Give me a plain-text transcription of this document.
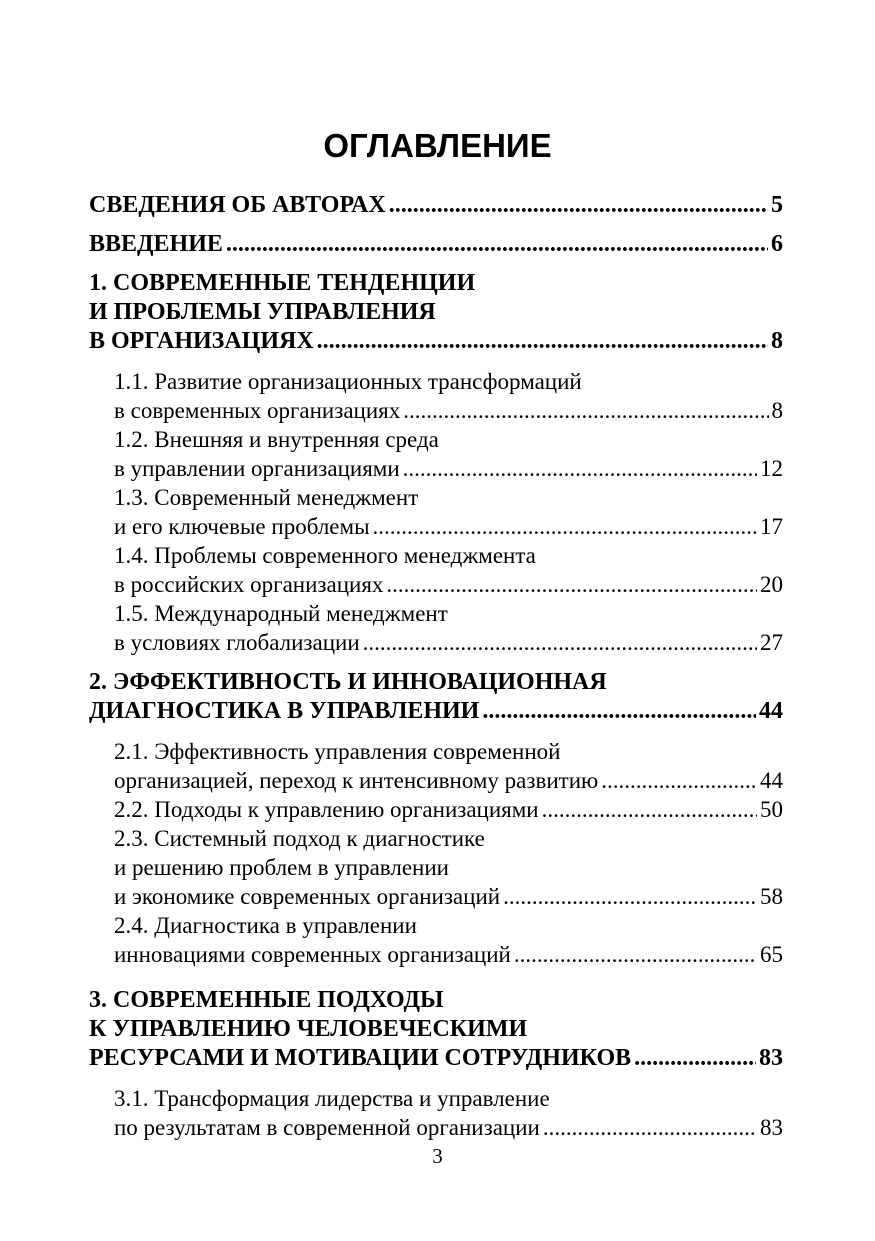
ОГЛАВЛЕНИЕ
СВЕДЕНИЯ ОБ АВТОРАХ .....	5
ВВЕДЕНИЕ .....	6
1. СОВРЕМЕННЫЕ ТЕНДЕНЦИИ
И ПРОБЛЕМЫ УПРАВЛЕНИЯ
В ОРГАНИЗАЦИЯХ .....	8
1.1. Развитие организационных трансформаций
в современных организациях .....	8
1.2. Внешняя и внутренняя среда
в управлении организациями .....	12
1.3. Современный менеджмент
и его ключевые проблемы .....	17
1.4. Проблемы современного менеджмента
в российских организациях .....	20
1.5. Международный менеджмент
в условиях глобализации .....	27
2. ЭФФЕКТИВНОСТЬ И ИННОВАЦИОННАЯ
ДИАГНОСТИКА В УПРАВЛЕНИИ .....	44
2.1. Эффективность управления современной
организацией, переход к интенсивному развитию .....	44
2.2. Подходы к управлению организациями .....	50
2.3. Системный подход к диагностике
и решению проблем в управлении
и экономике современных организаций .....	58
2.4. Диагностика в управлении
инновациями современных организаций .....	65
3. СОВРЕМЕННЫЕ ПОДХОДЫ
К УПРАВЛЕНИЮ ЧЕЛОВЕЧЕСКИМИ
РЕСУРСАМИ И МОТИВАЦИИ СОТРУДНИКОВ .....	83
3.1. Трансформация лидерства и управление
по результатам в современной организации .....	83
3
